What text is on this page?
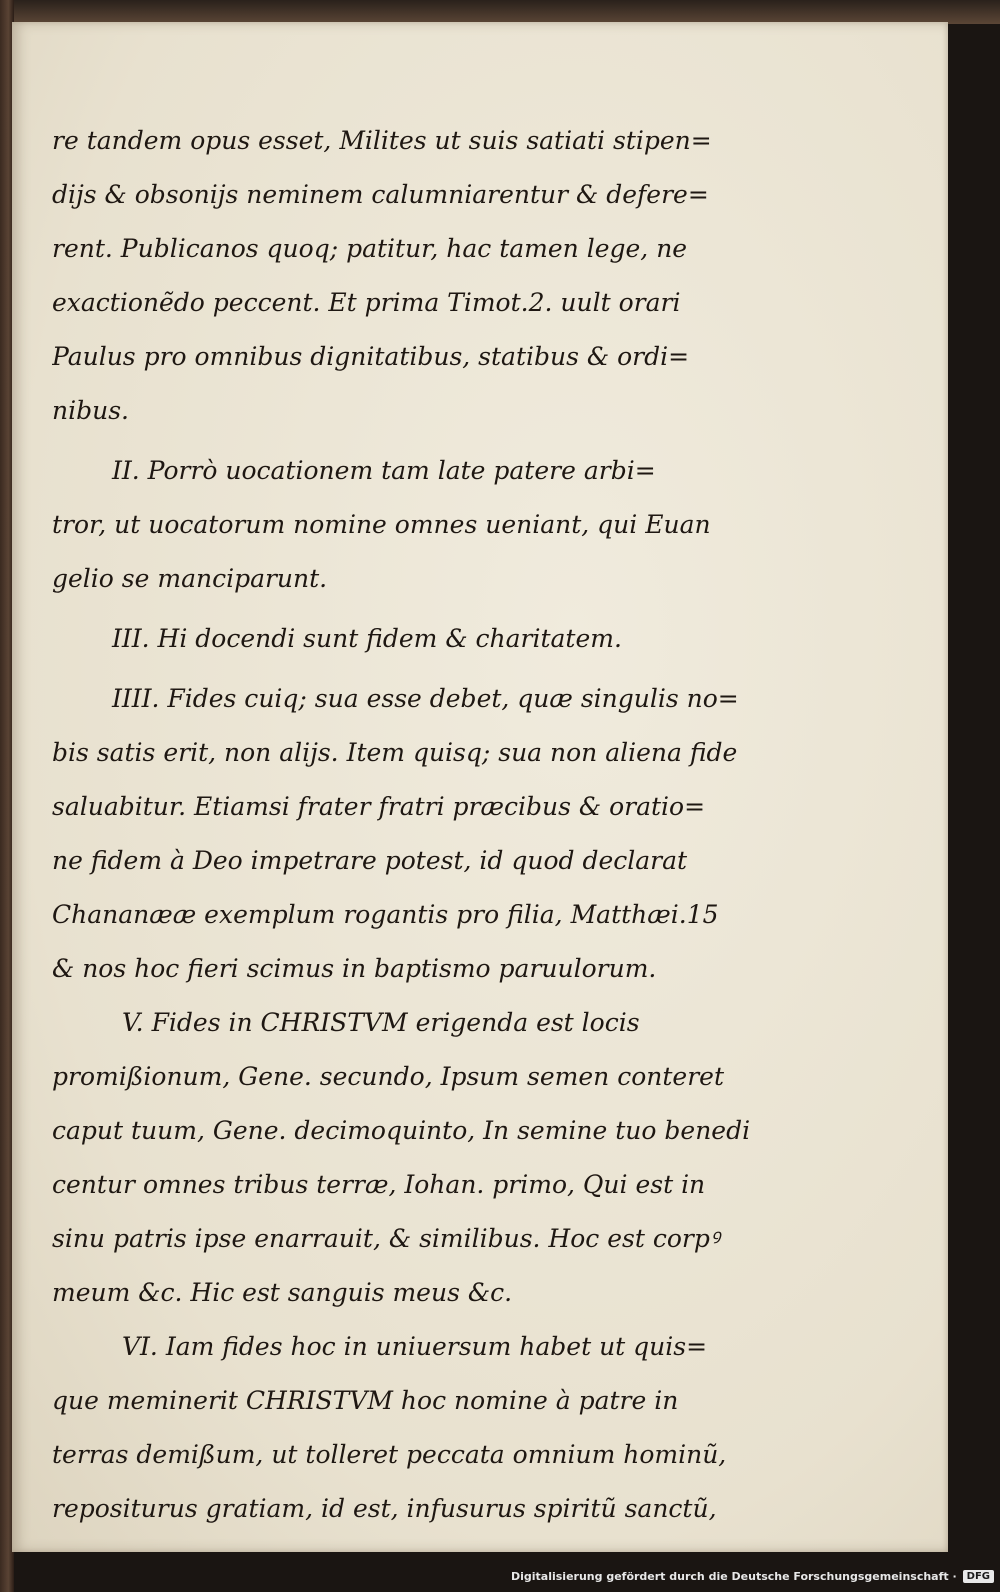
re tandem opus esset, Milites ut suis satiati stipen=
dijs & obsonijs neminem calumniarentur & defere=
rent. Publicanos quoq; patitur, hac tamen lege, ne
exactionẽdo peccent. Et prima Timot.2. uult orari
Paulus pro omnibus dignitatibus, statibus & ordi=
nibus.
II. Porrò uocationem tam late patere arbi=
tror, ut uocatorum nomine omnes ueniant, qui Euan
gelio se manciparunt.
III. Hi docendi sunt fidem & charitatem.
IIII. Fides cuiq; sua esse debet, quæ singulis no=
bis satis erit, non alijs. Item quisq; sua non aliena fide
saluabitur. Etiamsi frater fratri præcibus & oratio=
ne fidem à Deo impetrare potest, id quod declarat
Chananææ exemplum rogantis pro filia, Matthæi.15
& nos hoc fieri scimus in baptismo paruulorum.
V. Fides in CHRISTVM erigenda est locis
promißionum, Gene. secundo, Ipsum semen conteret
caput tuum, Gene. decimoquinto, In semine tuo benedi
centur omnes tribus terræ, Iohan. primo, Qui est in
sinu patris ipse enarrauit, & similibus. Hoc est corpꝰ
meum &c. Hic est sanguis meus &c.
VI. Iam fides hoc in uniuersum habet ut quis=
que meminerit CHRISTVM hoc nomine à patre in
terras demißum, ut tolleret peccata omnium hominũ,
repositurus gratiam, id est, infusurus spiritũ sanctũ,
Digitalisierung gefördert durch die Deutsche Forschungsgemeinschaft ·	DFG
